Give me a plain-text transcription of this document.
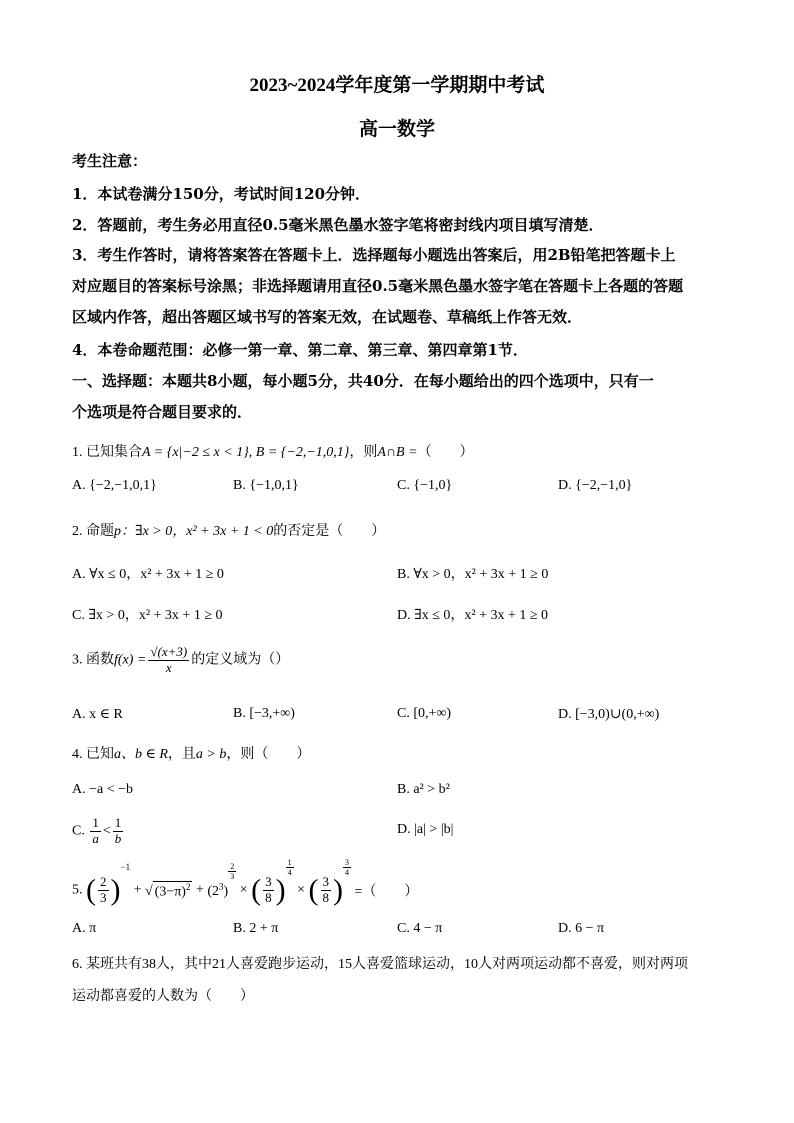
2023~2024学年度第一学期期中考试
高一数学
考生注意：
1．本试卷满分150分，考试时间120分钟．
2．答题前，考生务必用直径0.5毫米黑色墨水签字笔将密封线内项目填写清楚．
3．考生作答时，请将答案答在答题卡上．选择题每小题选出答案后，用2B铅笔把答题卡上
对应题目的答案标号涂黑；非选择题请用直径0.5毫米黑色墨水签字笔在答题卡上各题的答题
区域内作答，超出答题区域书写的答案无效，在试题卷、草稿纸上作答无效．
4．本卷命题范围：必修一第一章、第二章、第三章、第四章第1节．
一、选择题：本题共8小题，每小题5分，共40分．在每小题给出的四个选项中，只有一
个选项是符合题目要求的．
1. 已知集合A = {x|−2 ≤ x < 1}, B = {−2,−1,0,1}，则A∩B =（　　）
A. {−2,−1,0,1}	B. {−1,0,1}	C. {−1,0}	D. {−2,−1,0}
2. 命题p：∃x > 0，x² + 3x + 1 < 0的否定是（　　）
A. ∀x ≤ 0，x² + 3x + 1 ≥ 0	B. ∀x > 0，x² + 3x + 1 ≥ 0
C. ∃x > 0，x² + 3x + 1 ≥ 0	D. ∃x ≤ 0，x² + 3x + 1 ≥ 0
3. 函数$f(x) = \frac{√(x+3)}{x}$ 的定义域为（）
A. x ∈ R	B. [−3,+∞)	C. [0,+∞)	D. [−3,0)∪(0,+∞)
4. 已知a、b ∈ R，且a > b，则（　　）
A. −a < −b	B. a² > b²
C. $\frac{1}{a} < \frac{1}{b}$	D. |a| > |b|
5. ( $\frac{2}{3} )^{-1}$ + √ $(3-\pi)^2 + (2^3)$
$^{\frac{2}{3}}$
× ( $\frac{3}{8}$ )
$^{\frac{1}{4}}$
× ( $\frac{3}{8}$ )
$^{\frac{3}{4}}$
=（　　）
A. π	B. 2 + π	C. 4 − π	D. 6 − π
6. 某班共有38人，其中21人喜爱跑步运动，15人喜爱篮球运动，10人对两项运动都不喜爱，则对两项
运动都喜爱的人数为（　　）
